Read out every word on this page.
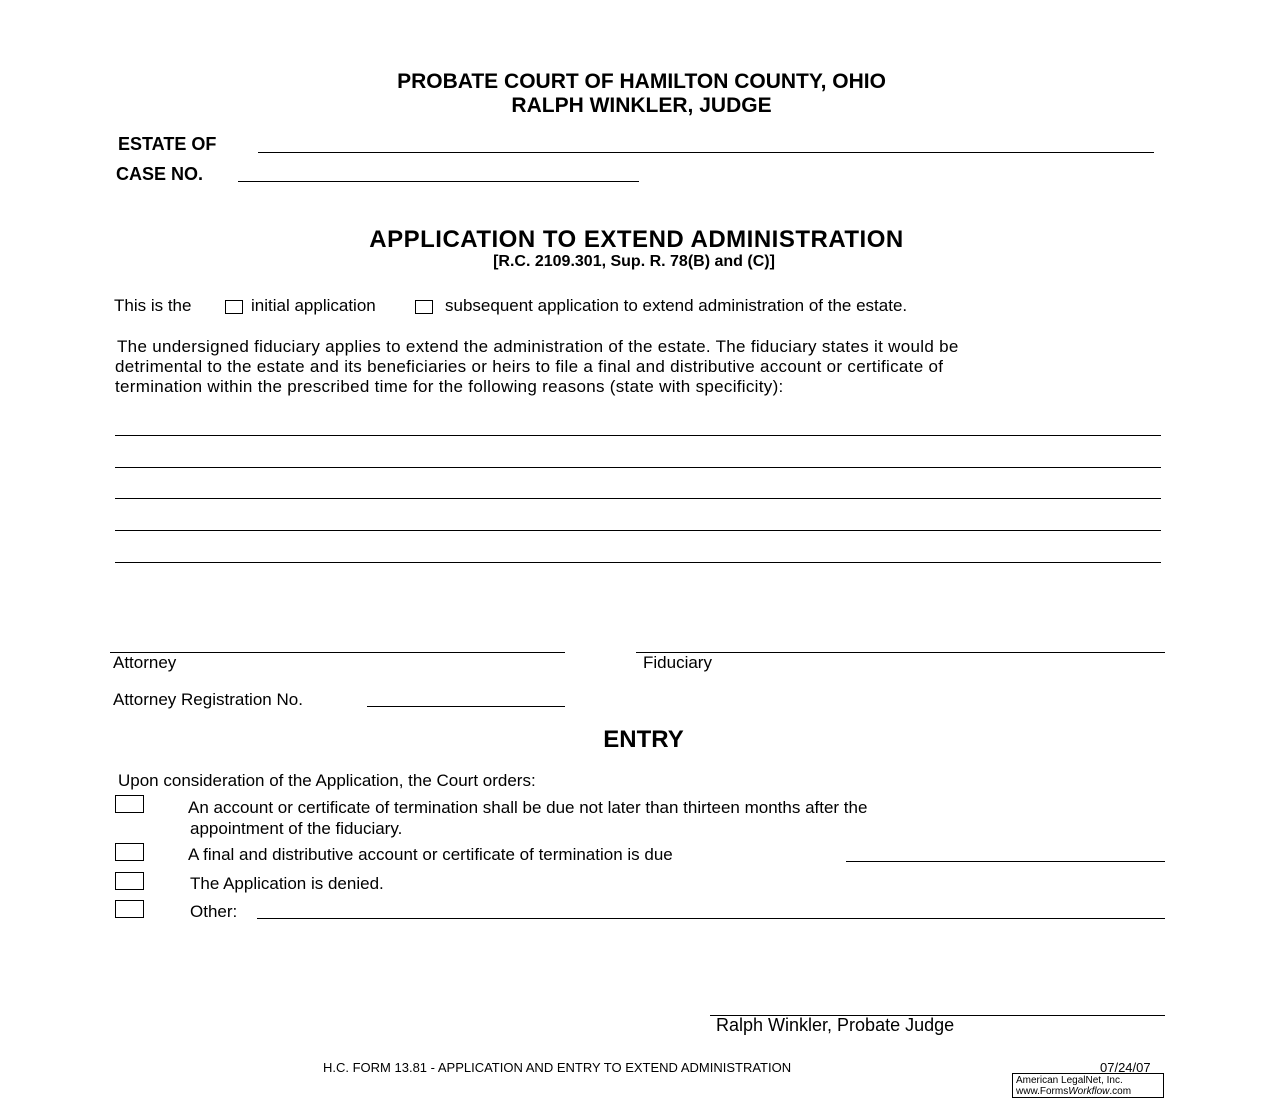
PROBATE COURT OF HAMILTON COUNTY, OHIO
RALPH WINKLER, JUDGE
ESTATE OF
CASE NO.
APPLICATION TO EXTEND ADMINISTRATION
[R.C. 2109.301, Sup. R. 78(B) and (C)]
This is the	initial application	subsequent application to extend administration of the estate.
The undersigned fiduciary applies to extend the administration of the estate. The fiduciary states it would be
detrimental to the estate and its beneficiaries or heirs to file a final and distributive account or certificate of
termination within the prescribed time for the following reasons (state with specificity):
Attorney	Fiduciary
Attorney Registration No.
ENTRY
Upon consideration of the Application, the Court orders:
An account or certificate of termination shall be due not later than thirteen months after the
appointment of the fiduciary.
A final and distributive account or certificate of termination is due
The Application is denied.
Other:
Ralph Winkler, Probate Judge
H.C. FORM 13.81 - APPLICATION AND ENTRY TO EXTEND ADMINISTRATION	07/24/07
American LegalNet, Inc.
www.FormsWorkflow.com
